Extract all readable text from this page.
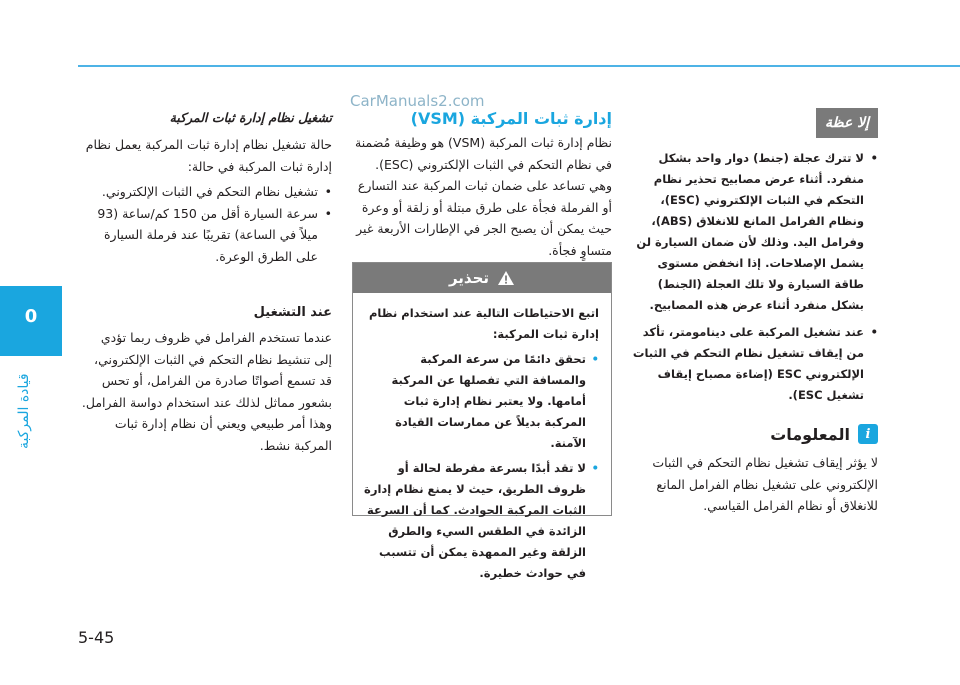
0
قيادة المركبة
CarManuals2.com
تشغيل نظام إدارة ثبات المركبة

حالة تشغيل نظام إدارة ثبات المركبة يعمل نظام إدارة ثبات المركبة في حالة:

• تشغيل نظام التحكم في الثبات الإلكتروني.
• سرعة السيارة أقل من 150 كم/ساعة (93 ميلاً في الساعة) تقريبًا عند فرملة السيارة على الطرق الوعرة.
عند التشغيل

عندما تستخدم الفرامل في ظروف ربما تؤدي إلى تنشيط نظام التحكم في الثبات الإلكتروني، قد تسمع أصواتًا صادرة من الفرامل، أو تحس بشعور مماثل لذلك عند استخدام دواسة الفرامل. وهذا أمر طبيعي ويعني أن نظام إدارة ثبات المركبة نشط.

إدارة ثبات المركبة (VSM)

نظام إدارة ثبات المركبة (VSM) هو وظيفة مُضمنة في نظام التحكم في الثبات الإلكتروني (ESC). وهي تساعد على ضمان ثبات المركبة عند التسارع أو الفرملة فجأة على طرق مبتلة أو زلقة أو وعرة حيث يمكن أن يصبح الجر في الإطارات الأربعة غير متساوٍ فجأة.

تحذير

اتبع الاحتياطات التالية عند استخدام نظام إدارة ثبات المركبة:

• تحقق دائمًا من سرعة المركبة والمسافة التي تفصلها عن المركبة أمامها. ولا يعتبر نظام إدارة ثبات المركبة بديلاً عن ممارسات القيادة الآمنة.
• لا تقد أبدًا بسرعة مفرطة لحالة أو ظروف الطريق، حيث لا يمنع نظام إدارة الثبات المركبة الحوادث. كما أن السرعة الزائدة في الطقس السيء والطرق الزلقة وغير الممهدة يمكن أن تتسبب في حوادث خطيرة.
إلا عظة
• لا تترك عجلة (جنط) دوار واحد بشكل منفرد. أثناء عرض مصابيح تحذير نظام التحكم في الثبات الإلكتروني (ESC)، ونظام الفرامل المانع للانغلاق (ABS)، وفرامل اليد. وذلك لأن ضمان السيارة لن يشمل الإصلاحات. إذا انخفض مستوى طاقة السيارة ولا تلك العجلة (الجنط) بشكل منفرد أثناء عرض هذه المصابيح.
• عند تشغيل المركبة على دينامومتر، تأكد من إيقاف تشغيل نظام التحكم في الثبات الإلكتروني ESC (إضاءة مصباح إيقاف تشغيل ESC).
i
المعلومات

لا يؤثر إيقاف تشغيل نظام التحكم في الثبات الإلكتروني على تشغيل نظام الفرامل المانع للانغلاق أو نظام الفرامل القياسي.

5-45
